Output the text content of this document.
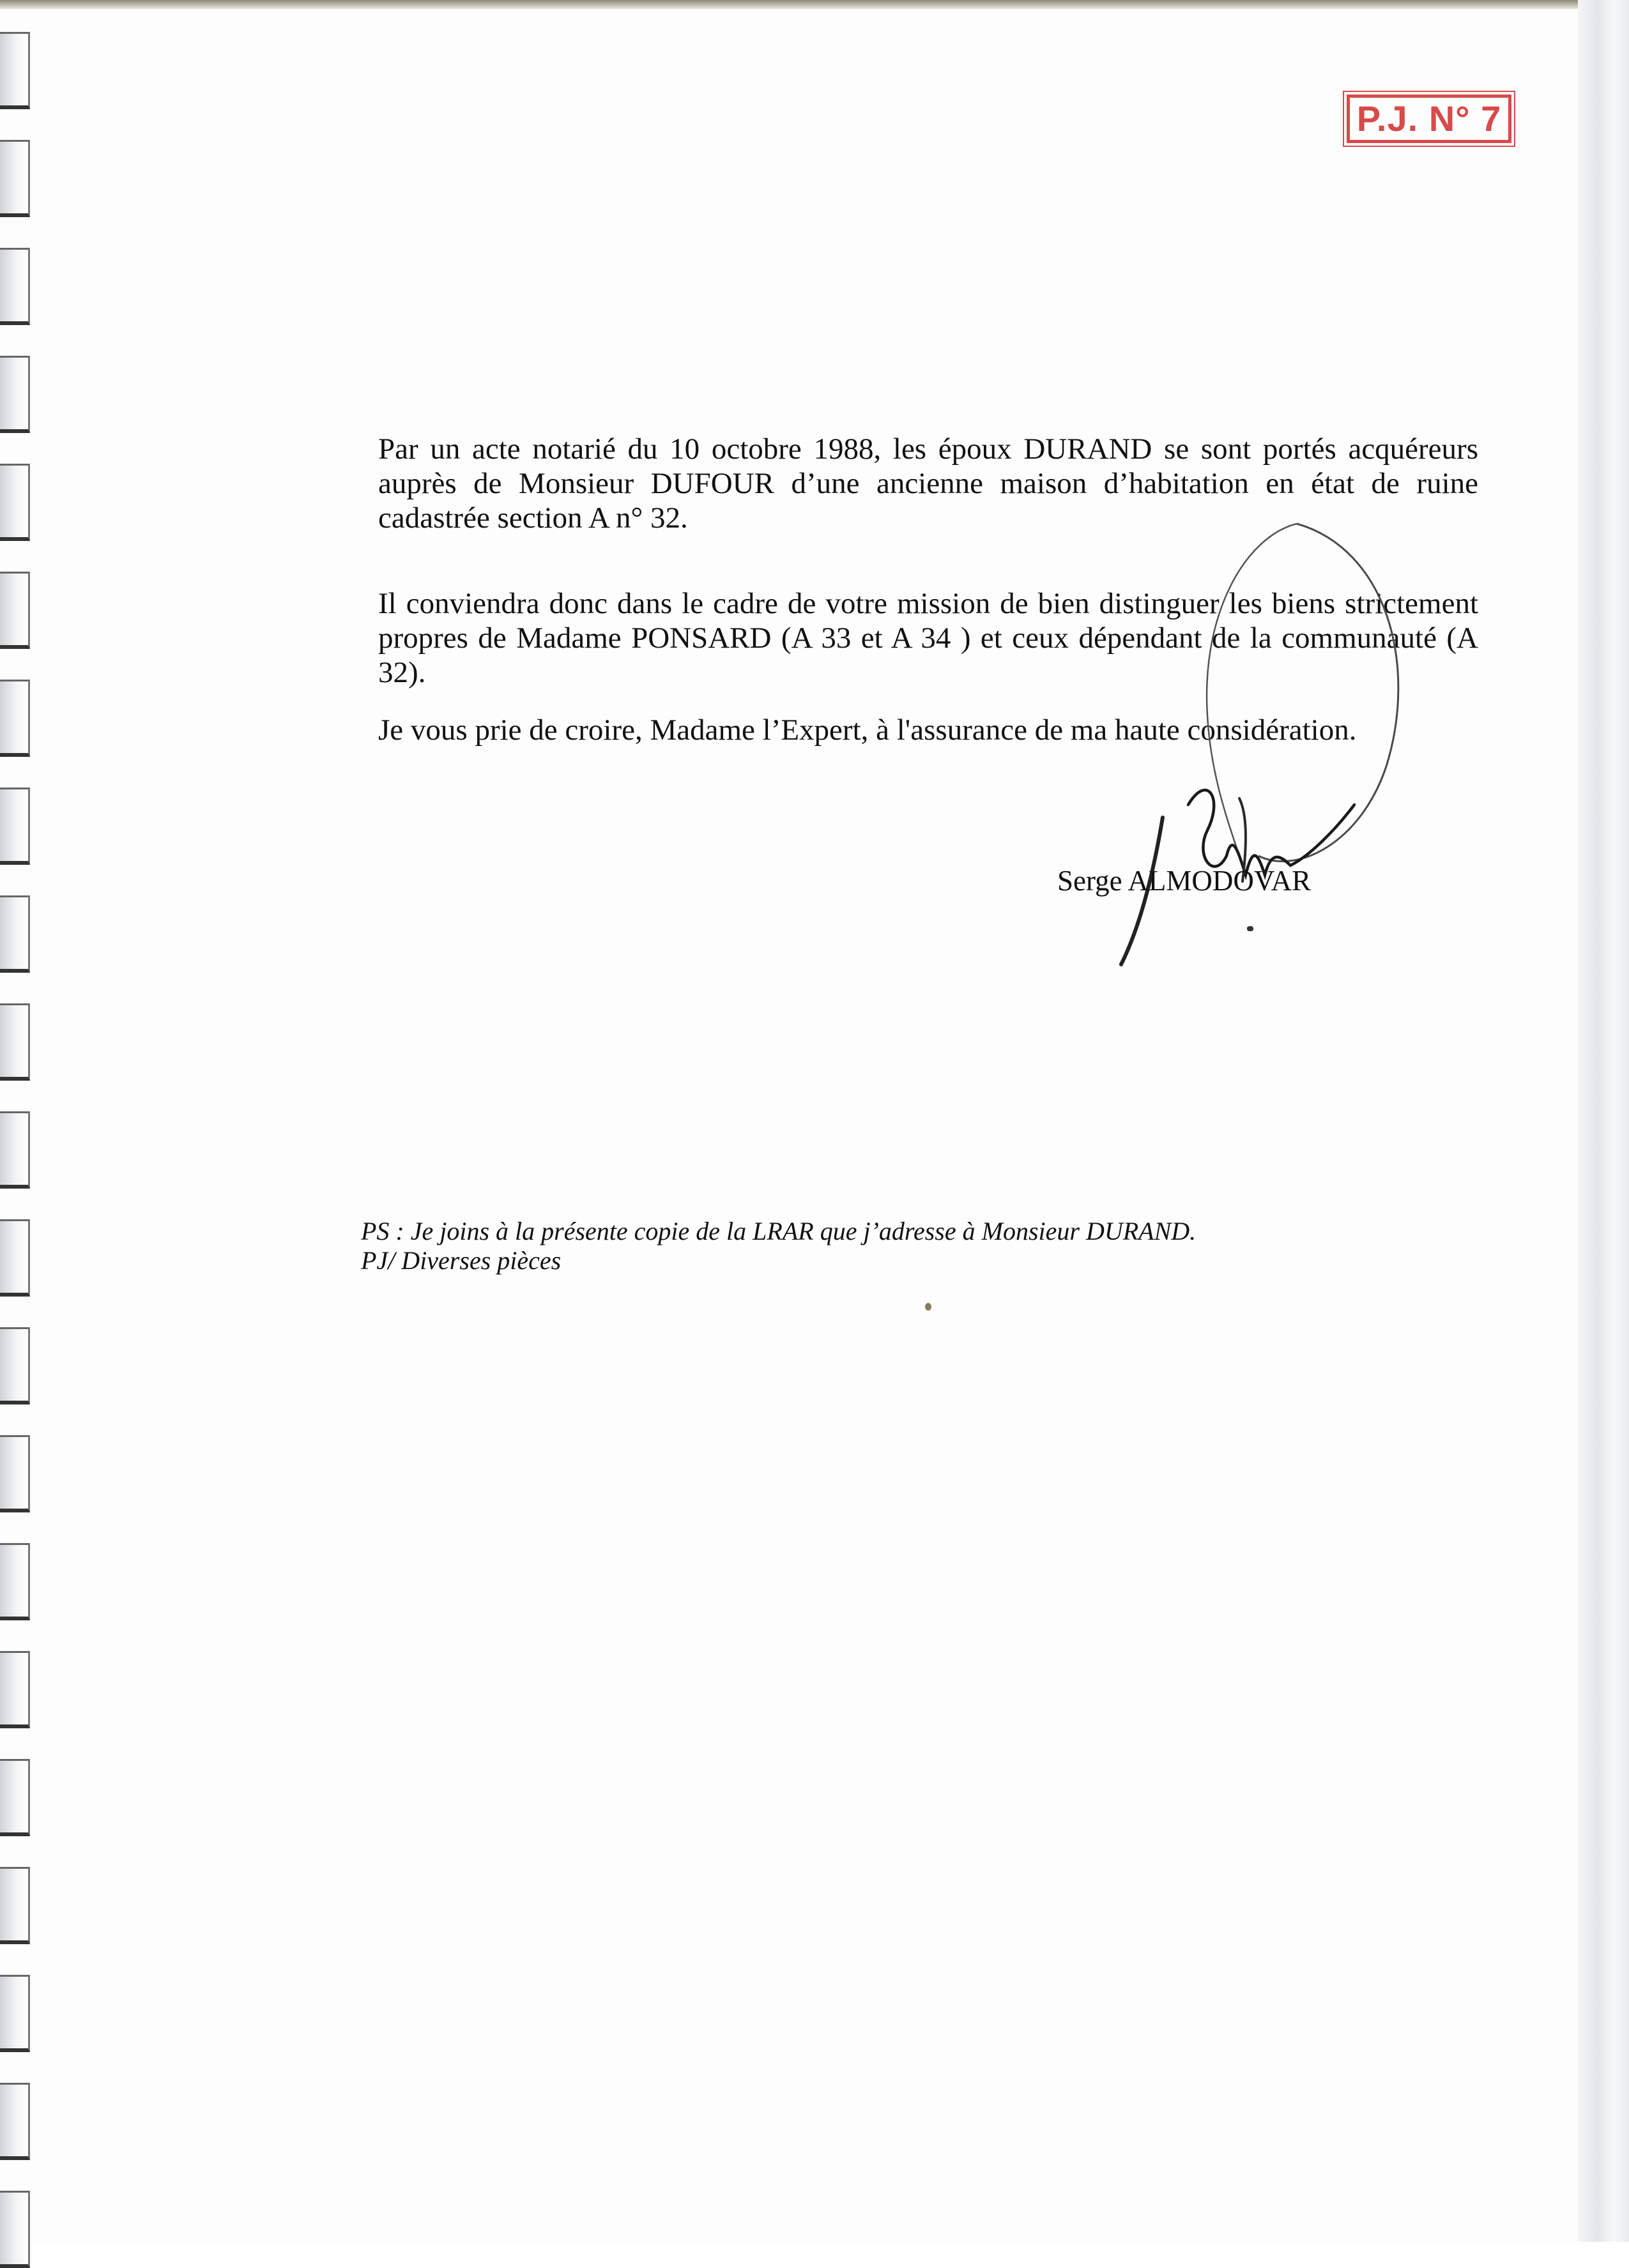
P.J. N° 7

Par un acte notarié du 10 octobre 1988, les époux DURAND se sont portés acquéreurs auprès de Monsieur DUFOUR d’une ancienne maison d’habitation en état de ruine cadastrée section A n° 32.

Il conviendra donc dans le cadre de votre mission de bien distinguer les biens strictement propres de Madame PONSARD (A 33 et A 34 ) et ceux dépendant de la communauté (A 32).

Je vous prie de croire, Madame l’Expert, à l'assurance de ma haute considération.

Serge ALMODOVAR
PS : Je joins à la présente copie de la LRAR que j’adresse à Monsieur DURAND.
PJ/ Diverses pièces
